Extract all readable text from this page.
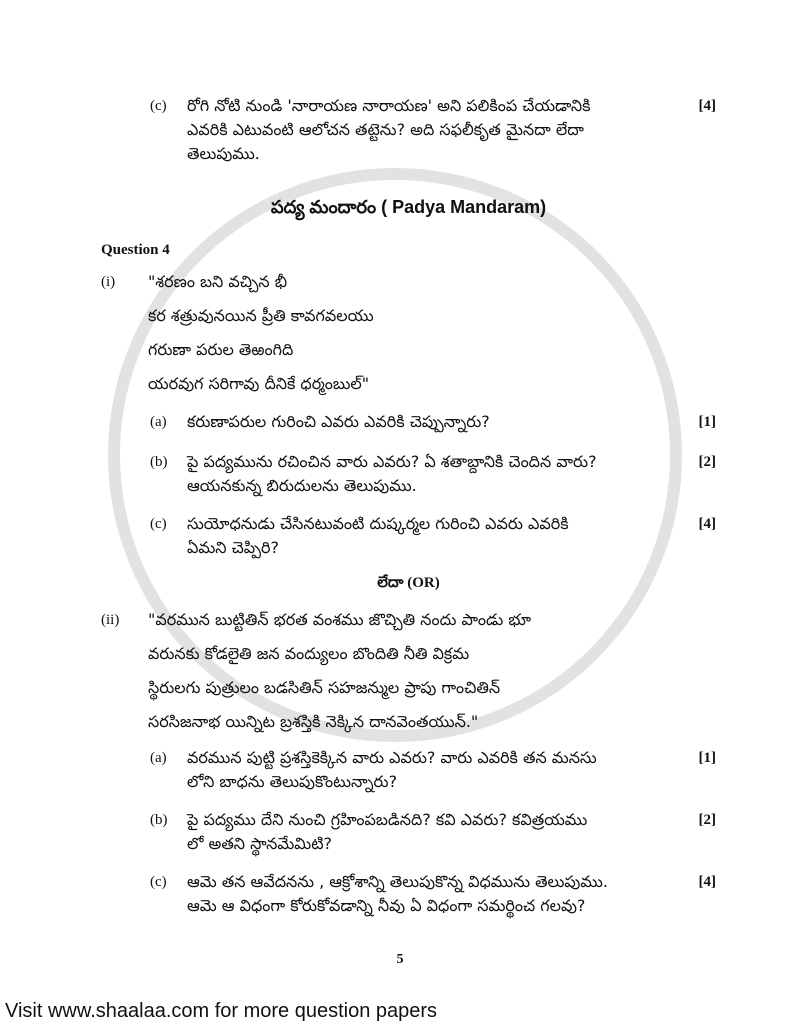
(c)	రోగి నోటి నుండి 'నారాయణ నారాయణ' అని పలికింప చేయడానికి
ఎవరికి ఎటువంటి ఆలోచన తట్టెను? అది సఫలీకృత మైనదా లేదా
తెలుపుము.
[4]
పద్య మందారం ( Padya Mandaram)
Question 4
(i)	"శరణం బని వచ్చిన భీ
కర శత్రువునయిన ప్రీతి కావగవలయు
గరుణా పరుల తెఱంగిది
యరవుగ సరిగావు దీనికే ధర్మంబుల్"
(a)	కరుణాపరుల గురించి ఎవరు ఎవరికి చెప్పున్నారు?	[1]
(b)	పై పద్యమును రచించిన వారు ఎవరు? ఏ శతాబ్దానికి చెందిన వారు?
ఆయనకున్న బిరుదులను తెలుపుము.
[2]
(c)	సుయోధనుడు చేసినటువంటి దుష్కర్మల గురించి ఎవరు ఎవరికి
ఏమని చెప్పిరి?
[4]
లేదా (OR)
(ii)	"వరమున బుట్టితిన్ భరత వంశము జొచ్చితి నందు పాండు భూ
వరునకు కోడలైతి జన వంద్యులం బొందితి నీతి విక్రమ
స్థిరులగు పుత్రులం బడసితిన్ సహజన్ముల ప్రాపు గాంచితిన్
సరసిజనాభ యిన్నిట బ్రశస్తికి నెక్కిన దానవెంతయున్."
(a)	వరమున పుట్టి ప్రశస్తికెక్కిన వారు ఎవరు? వారు ఎవరికి తన మనసు
లోని బాధను తెలుపుకొంటున్నారు?
[1]
(b)	పై పద్యము దేని నుంచి గ్రహింపబడినది? కవి ఎవరు? కవిత్రయము
లో అతని స్థానమేమిటి?
[2]
(c)	ఆమె తన ఆవేదనను , ఆక్రోశాన్ని తెలుపుకొన్న విధమును తెలుపుము.
ఆమె ఆ విధంగా కోరుకోవడాన్ని నీవు ఏ విధంగా సమర్థించ గలవు?
[4]
5
Visit www.shaalaa.com for more question papers
